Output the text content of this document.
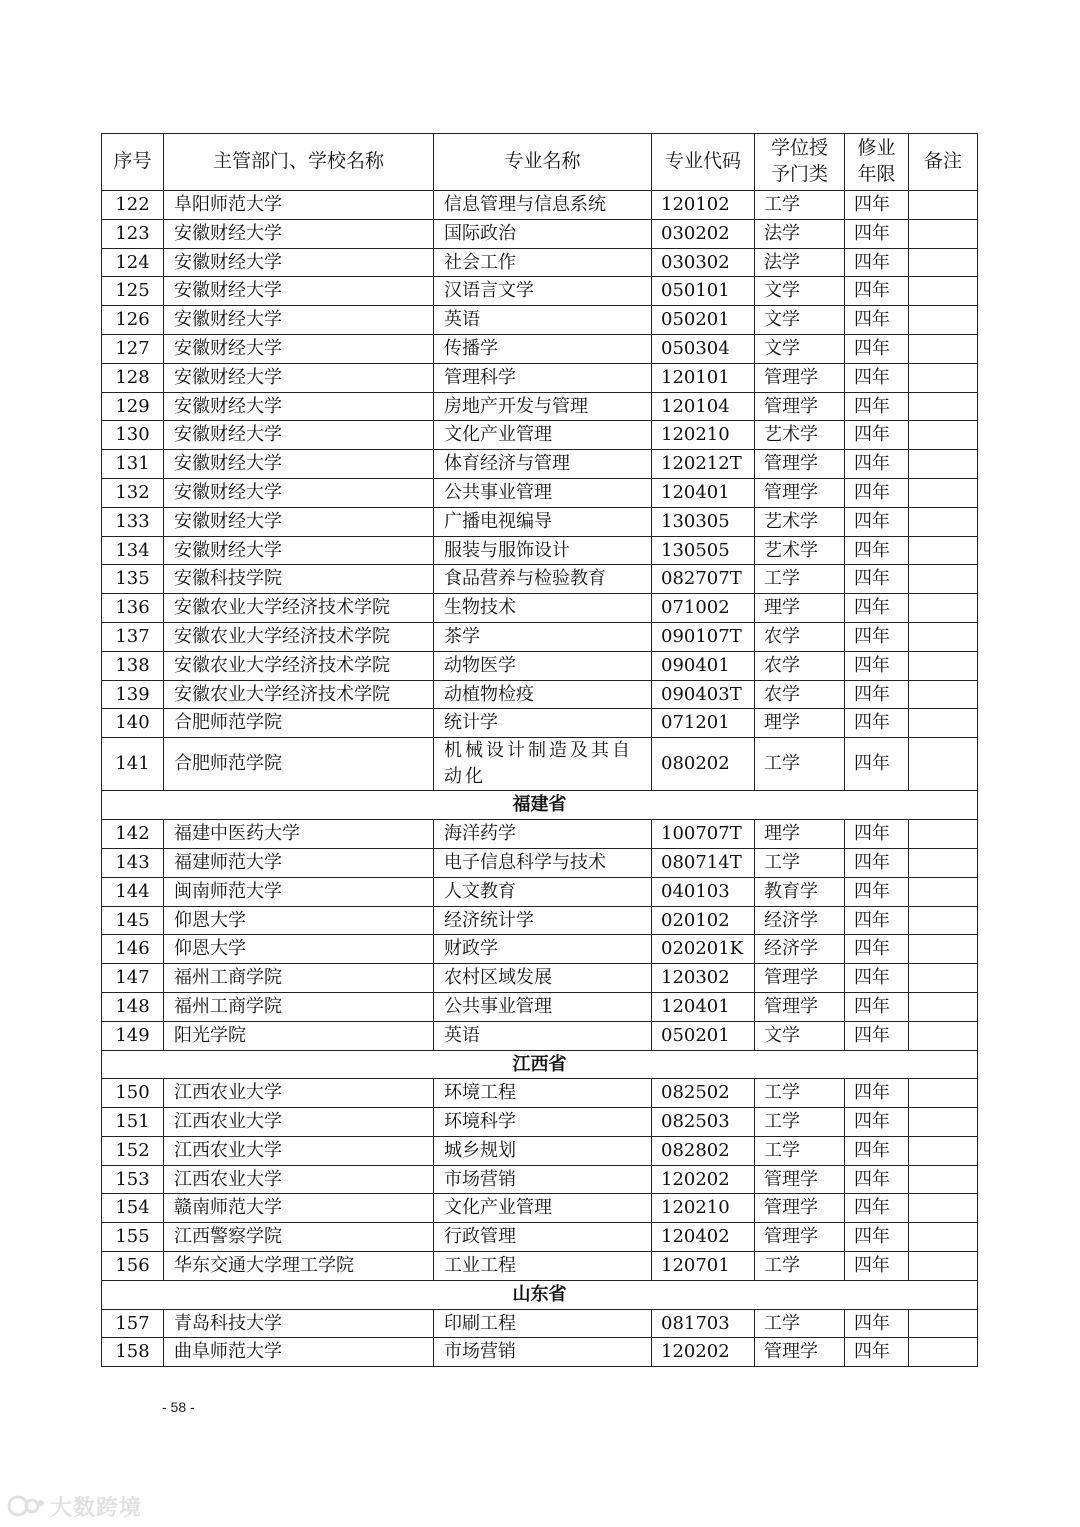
序号	主管部门、学校名称	专业名称	专业代码	学位授予门类	修业年限	备注
122	阜阳师范大学	信息管理与信息系统	120102	工学	四年	
123	安徽财经大学	国际政治	030202	法学	四年	
124	安徽财经大学	社会工作	030302	法学	四年	
125	安徽财经大学	汉语言文学	050101	文学	四年	
126	安徽财经大学	英语	050201	文学	四年	
127	安徽财经大学	传播学	050304	文学	四年	
128	安徽财经大学	管理科学	120101	管理学	四年	
129	安徽财经大学	房地产开发与管理	120104	管理学	四年	
130	安徽财经大学	文化产业管理	120210	艺术学	四年	
131	安徽财经大学	体育经济与管理	120212T	管理学	四年	
132	安徽财经大学	公共事业管理	120401	管理学	四年	
133	安徽财经大学	广播电视编导	130305	艺术学	四年	
134	安徽财经大学	服装与服饰设计	130505	艺术学	四年	
135	安徽科技学院	食品营养与检验教育	082707T	工学	四年	
136	安徽农业大学经济技术学院	生物技术	071002	理学	四年	
137	安徽农业大学经济技术学院	茶学	090107T	农学	四年	
138	安徽农业大学经济技术学院	动物医学	090401	农学	四年	
139	安徽农业大学经济技术学院	动植物检疫	090403T	农学	四年	
140	合肥师范学院	统计学	071201	理学	四年	
141	合肥师范学院	机械设计制造及其自动化	080202	工学	四年	
福建省						
142	福建中医药大学	海洋药学	100707T	理学	四年	
143	福建师范大学	电子信息科学与技术	080714T	工学	四年	
144	闽南师范大学	人文教育	040103	教育学	四年	
145	仰恩大学	经济统计学	020102	经济学	四年	
146	仰恩大学	财政学	020201K	经济学	四年	
147	福州工商学院	农村区域发展	120302	管理学	四年	
148	福州工商学院	公共事业管理	120401	管理学	四年	
149	阳光学院	英语	050201	文学	四年	
江西省						
150	江西农业大学	环境工程	082502	工学	四年	
151	江西农业大学	环境科学	082503	工学	四年	
152	江西农业大学	城乡规划	082802	工学	四年	
153	江西农业大学	市场营销	120202	管理学	四年	
154	赣南师范大学	文化产业管理	120210	管理学	四年	
155	江西警察学院	行政管理	120402	管理学	四年	
156	华东交通大学理工学院	工业工程	120701	工学	四年	
山东省						
157	青岛科技大学	印刷工程	081703	工学	四年	
158	曲阜师范大学	市场营销	120202	管理学	四年	
- 58 -
大数跨境
